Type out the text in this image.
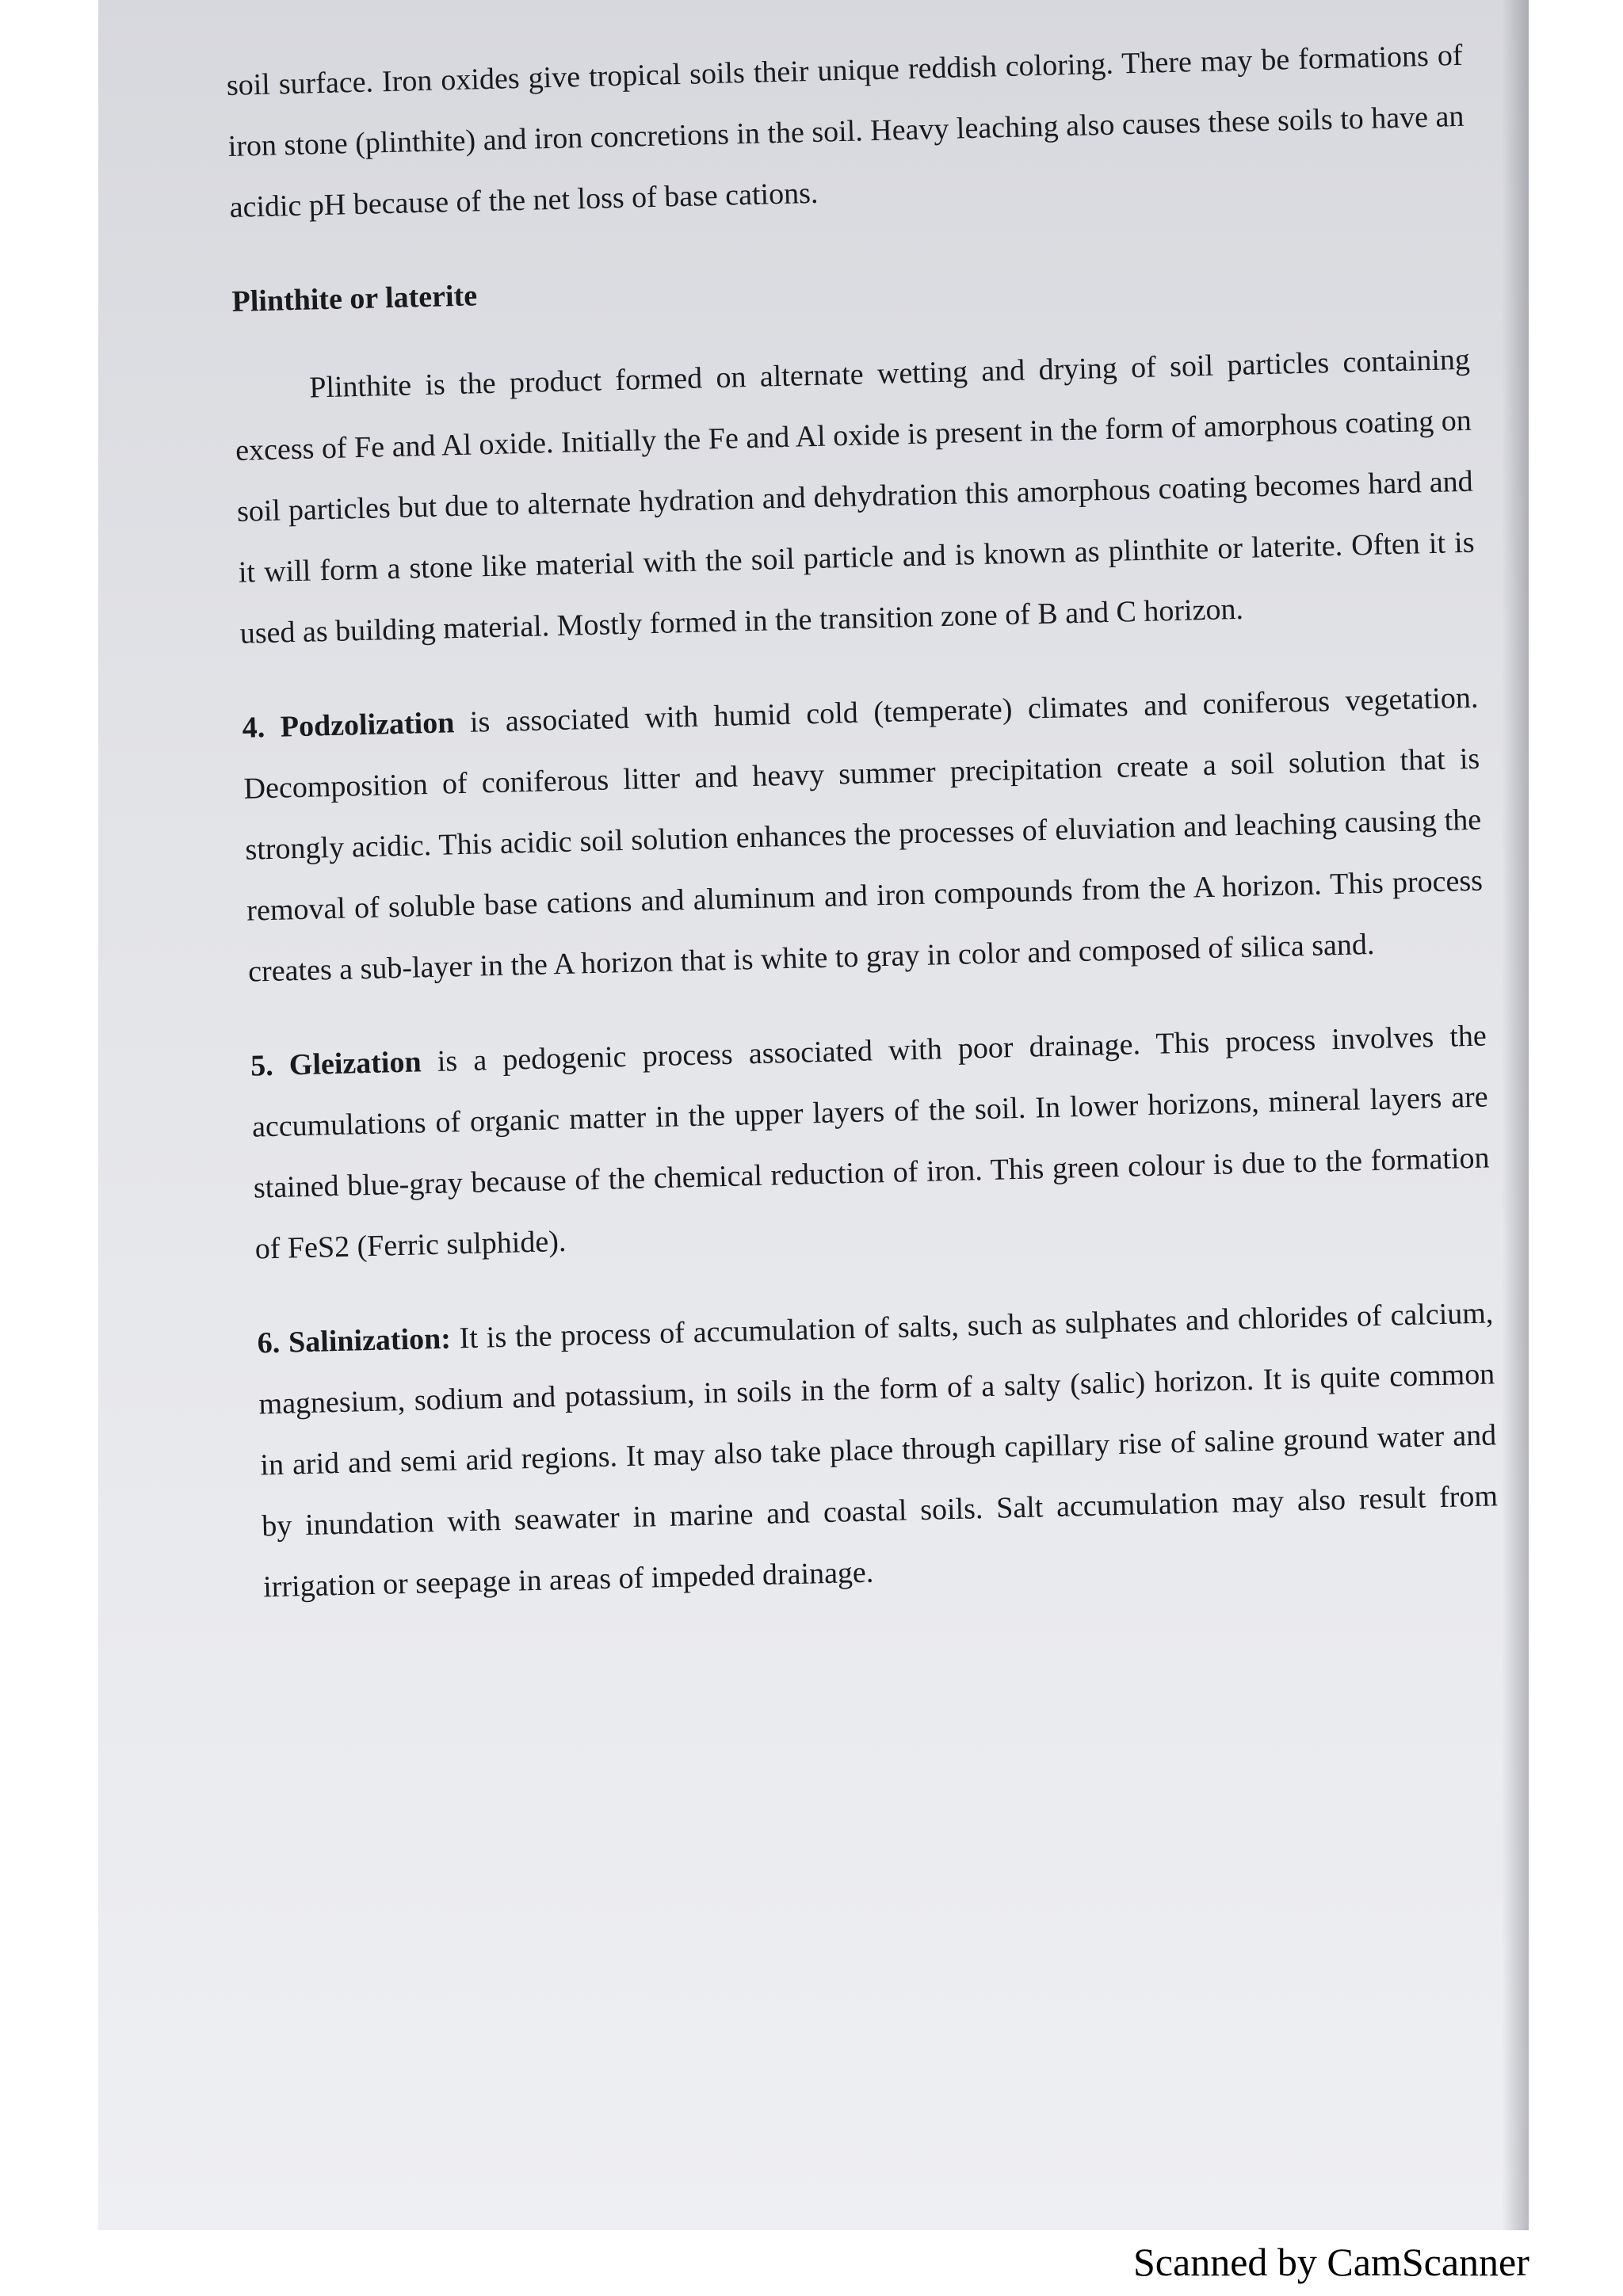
soil surface. Iron oxides give tropical soils their unique reddish coloring. There may be formations of iron stone (plinthite) and iron concretions in the soil. Heavy leaching also causes these soils to have an acidic pH because of the net loss of base cations.

Plinthite or laterite

Plinthite is the product formed on alternate wetting and drying of soil particles containing excess of Fe and Al oxide. Initially the Fe and Al oxide is present in the form of amorphous coating on soil particles but due to alternate hydration and dehydration this amorphous coating becomes hard and it will form a stone like material with the soil particle and is known as plinthite or laterite. Often it is used as building material. Mostly formed in the transition zone of B and C horizon.

4. Podzolization is associated with humid cold (temperate) climates and coniferous vegetation. Decomposition of coniferous litter and heavy summer precipitation create a soil solution that is strongly acidic. This acidic soil solution enhances the processes of eluviation and leaching causing the removal of soluble base cations and aluminum and iron compounds from the A horizon. This process creates a sub-layer in the A horizon that is white to gray in color and composed of silica sand.

5. Gleization is a pedogenic process associated with poor drainage. This process involves the accumulations of organic matter in the upper layers of the soil. In lower horizons, mineral layers are stained blue-gray because of the chemical reduction of iron. This green colour is due to the formation of FeS2 (Ferric sulphide).

6. Salinization: It is the process of accumulation of salts, such as sulphates and chlorides of calcium, magnesium, sodium and potassium, in soils in the form of a salty (salic) horizon. It is quite common in arid and semi arid regions. It may also take place through capillary rise of saline ground water and by inundation with seawater in marine and coastal soils. Salt accumulation may also result from irrigation or seepage in areas of impeded drainage.

Scanned by CamScanner
